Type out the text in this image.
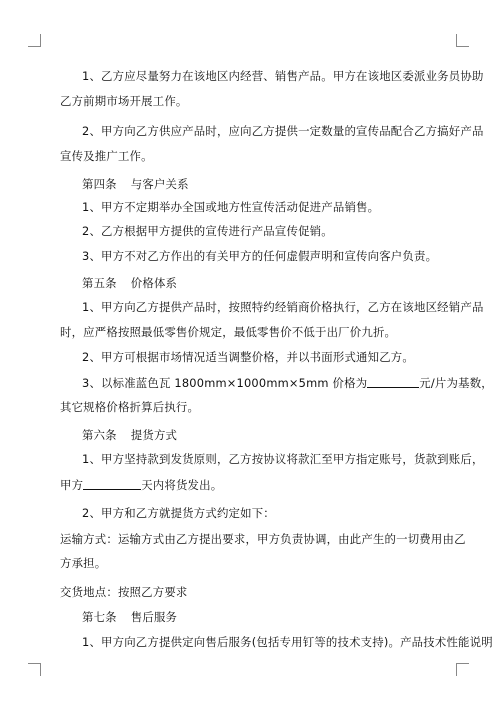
1、乙方应尽量努力在该地区内经营、销售产品。甲方在该地区委派业务员协助
乙方前期市场开展工作。
2、甲方向乙方供应产品时，应向乙方提供一定数量的宣传品配合乙方搞好产品
宣传及推广工作。
第四条 与客户关系
1、甲方不定期举办全国或地方性宣传活动促进产品销售。
2、乙方根据甲方提供的宣传进行产品宣传促销。
3、甲方不对乙方作出的有关甲方的任何虚假声明和宣传向客户负责。
第五条 价格体系
1、甲方向乙方提供产品时，按照特约经销商价格执行，乙方在该地区经销产品
时，应严格按照最低零售价规定，最低零售价不低于出厂价九折。
2、甲方可根据市场情况适当调整价格，并以书面形式通知乙方。
3、以标准蓝色瓦 1800mm×1000mm×5mm 价格为	元/片为基数，
其它规格价格折算后执行。
第六条 提货方式
1、甲方坚持款到发货原则，乙方按协议将款汇至甲方指定账号，货款到账后，
甲方	天内将货发出。
2、甲方和乙方就提货方式约定如下：
运输方式：运输方式由乙方提出要求，甲方负责协调，由此产生的一切费用由乙
方承担。
交货地点：按照乙方要求
第七条 售后服务
1、甲方向乙方提供定向售后服务(包括专用钉等的技术支持)。产品技术性能说明
